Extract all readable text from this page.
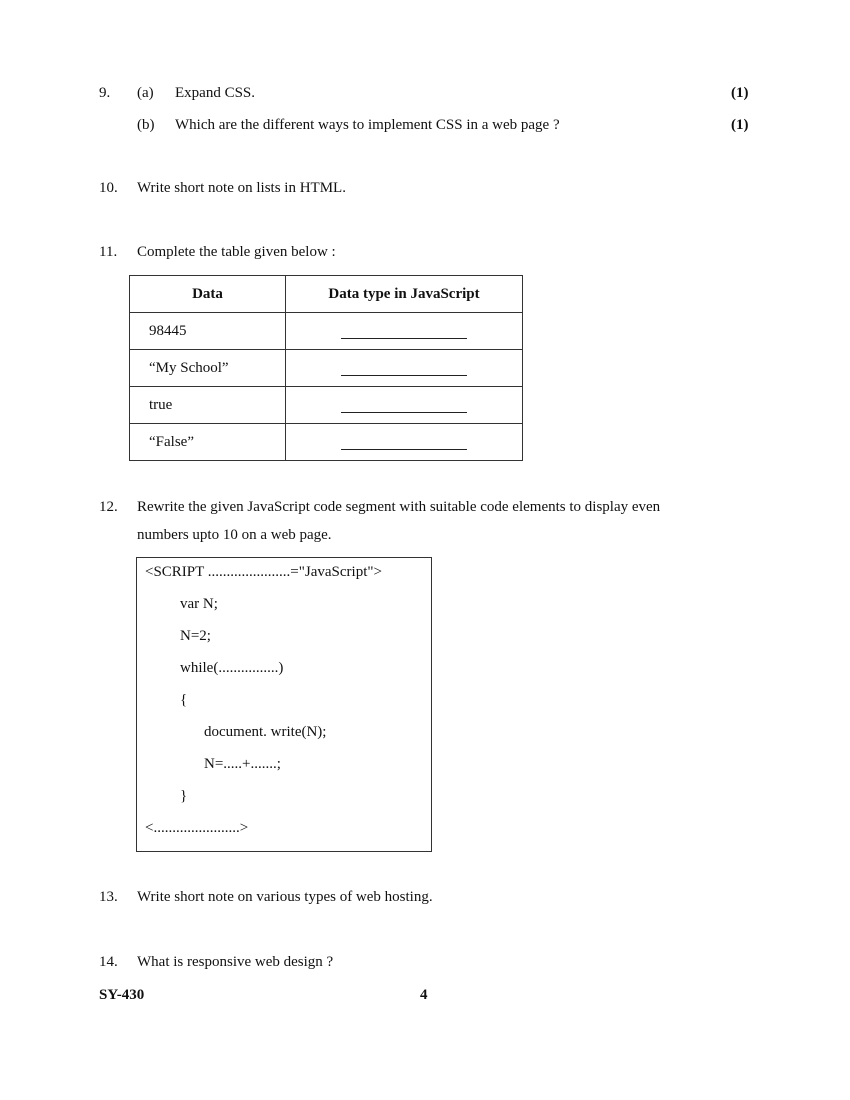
9. (a) Expand CSS.	(1)
(b) Which are the different ways to implement CSS in a web page ?	(1)
10. Write short note on lists in HTML.
11. Complete the table given below :
Data	Data type in JavaScript
98445	
“My School”	
true	
“False”	
12. Rewrite the given JavaScript code segment with suitable code elements to display even
numbers upto 10 on a web page.
<SCRIPT ......................="JavaScript">
var N;
N=2;
while(................)
{
document. write(N);
N=.....+.......;
}
<.......................>
13. Write short note on various types of web hosting.
14. What is responsive web design ?
SY-430	4
